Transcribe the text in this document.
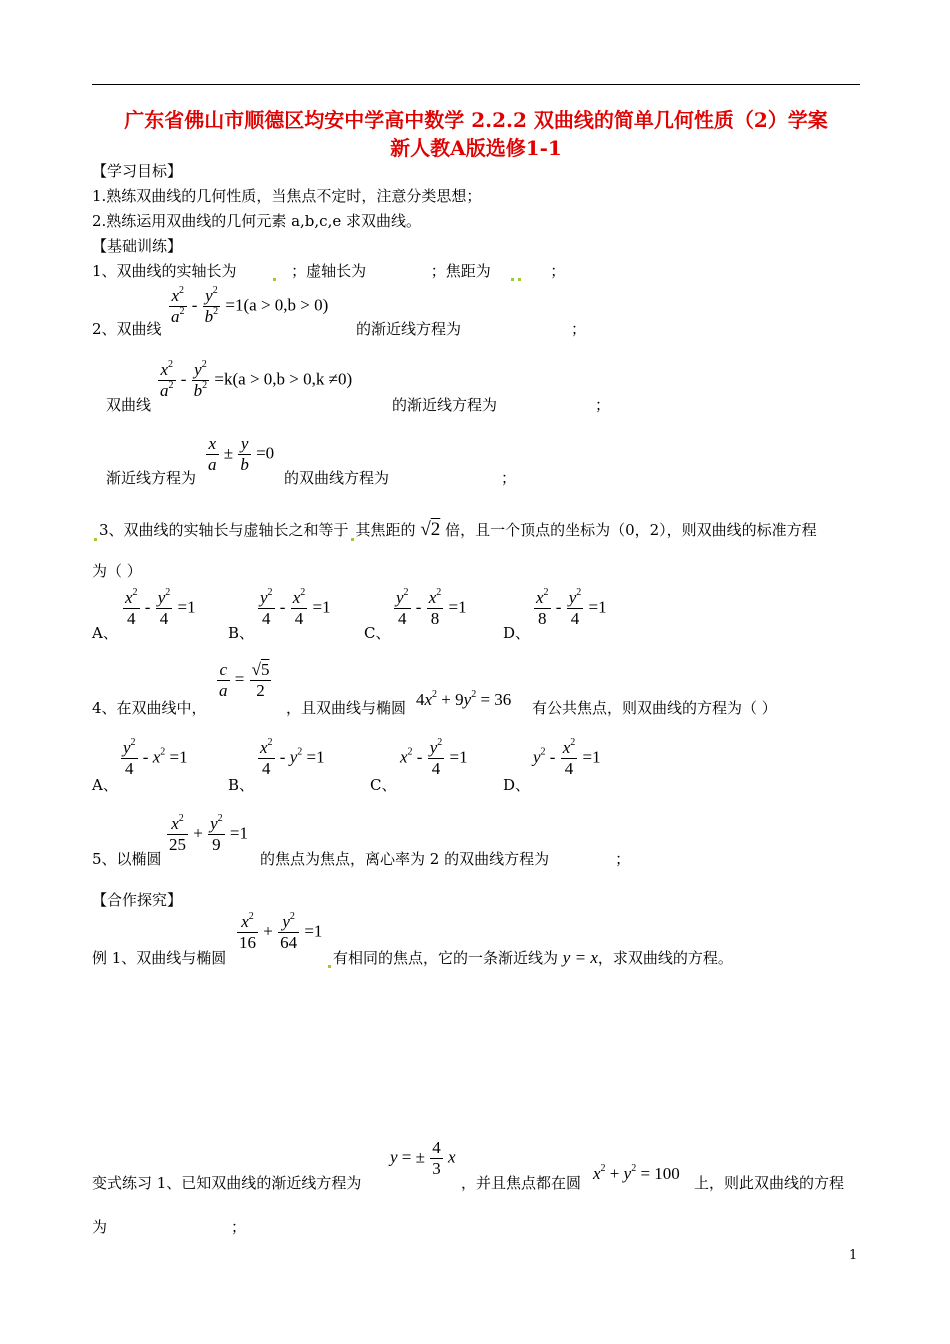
广东省佛山市顺德区均安中学高中数学 2.2.2 双曲线的简单几何性质（2）学案
新人教A版选修1-1
【学习目标】
1.熟练双曲线的几何性质，当焦点不定时，注意分类思想；
2.熟练运用双曲线的几何元素 a,b,c,e 求双曲线。
【基础训练】
1、双曲线的实轴长为	；虚轴长为	；焦距为	；
2、双曲线
$\frac{x^2}{a^2} - \frac{y^2}{b^2} =1(a > 0,b > 0)$
的渐近线方程为	；
双曲线
$\frac{x^2}{a^2} - \frac{y^2}{b^2} =k(a > 0,b > 0,k \ne 0)$
的渐近线方程为	；
渐近线方程为
$\frac{x}{a} \pm \frac{y}{b} =0$
的双曲线方程为	；
3、双曲线的实轴长与虚轴长之和等于 其焦距的 √2 倍，且一个顶点的坐标为（0，2），则双曲线的标准方程
为（ ）
A、
$\frac{x^2}{4} - \frac{y^2}{4} =1$
B、
$\frac{y^2}{4} - \frac{x^2}{4} =1$
C、
$\frac{y^2}{4} - \frac{x^2}{8} =1$
D、
$\frac{x^2}{8} - \frac{y^2}{4} =1$
4、在双曲线中，
$\frac{c}{a} = \frac{√5}{2}$
，且双曲线与椭圆 $4x^2 + 9y^2 = 36$ 有公共焦点，则双曲线的方程为（ ）
A、
$\frac{y^2}{4} - x^2 =1$
B、
$\frac{x^2}{4} - y^2 =1$
C、
$x^2 - \frac{y^2}{4} =1$
D、
$y^2 - \frac{x^2}{4} =1$
5、以椭圆
$\frac{x^2}{25} + \frac{y^2}{9} =1$
的焦点为焦点，离心率为 2 的双曲线方程为	；
【合作探究】
例 1、双曲线与椭圆
$\frac{x^2}{16} + \frac{y^2}{64} =1$
有相同的焦点，它的一条渐近线为 y = x，求双曲线的方程。
变式练习 1、已知双曲线的渐近线方程为
y = ± $\frac{4}{3}$ x
，并且焦点都在圆 $x^2 + y^2 = 100$ 上，则此双曲线的方程
为	；
1
